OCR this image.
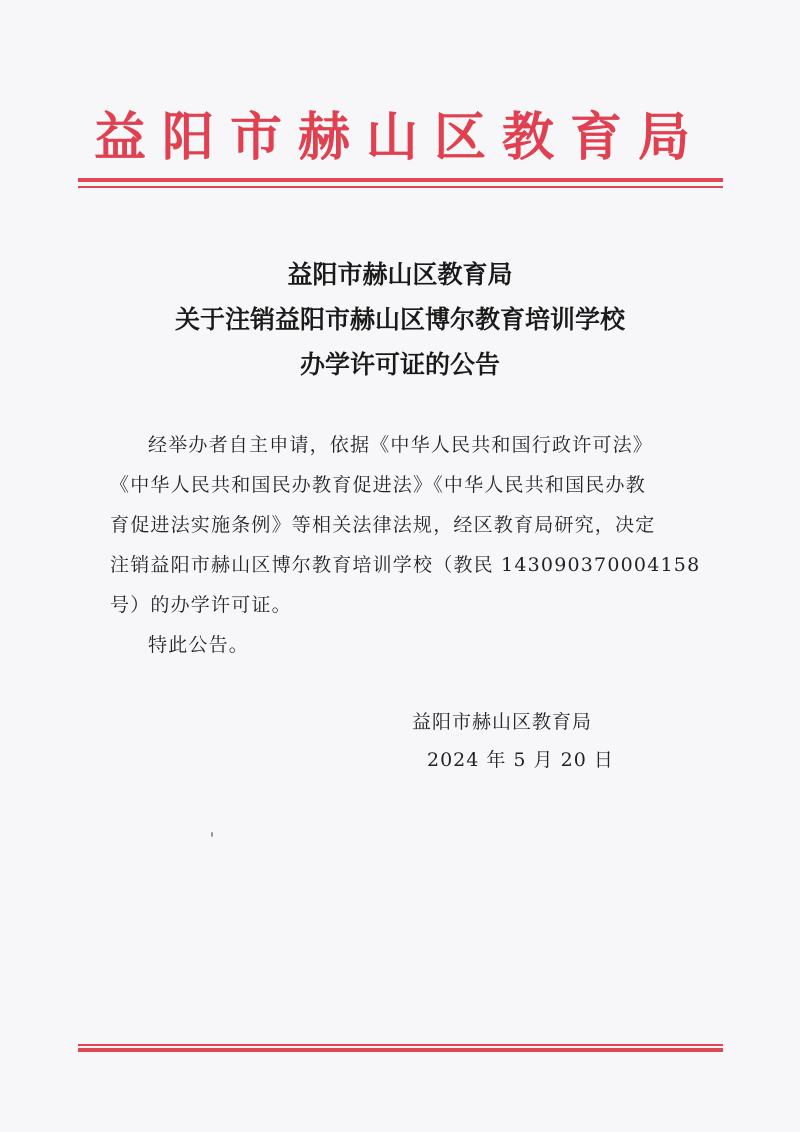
益阳市赫山区教育局
益阳市赫山区教育局
关于注销益阳市赫山区博尔教育培训学校
办学许可证的公告
经举办者自主申请，依据《中华人民共和国行政许可法》
《中华人民共和国民办教育促进法》《中华人民共和国民办教
育促进法实施条例》等相关法律法规，经区教育局研究，决定
注销益阳市赫山区博尔教育培训学校（教民 143090370004158
号）的办学许可证。
特此公告。
益阳市赫山区教育局
2024 年 5 月 20 日
